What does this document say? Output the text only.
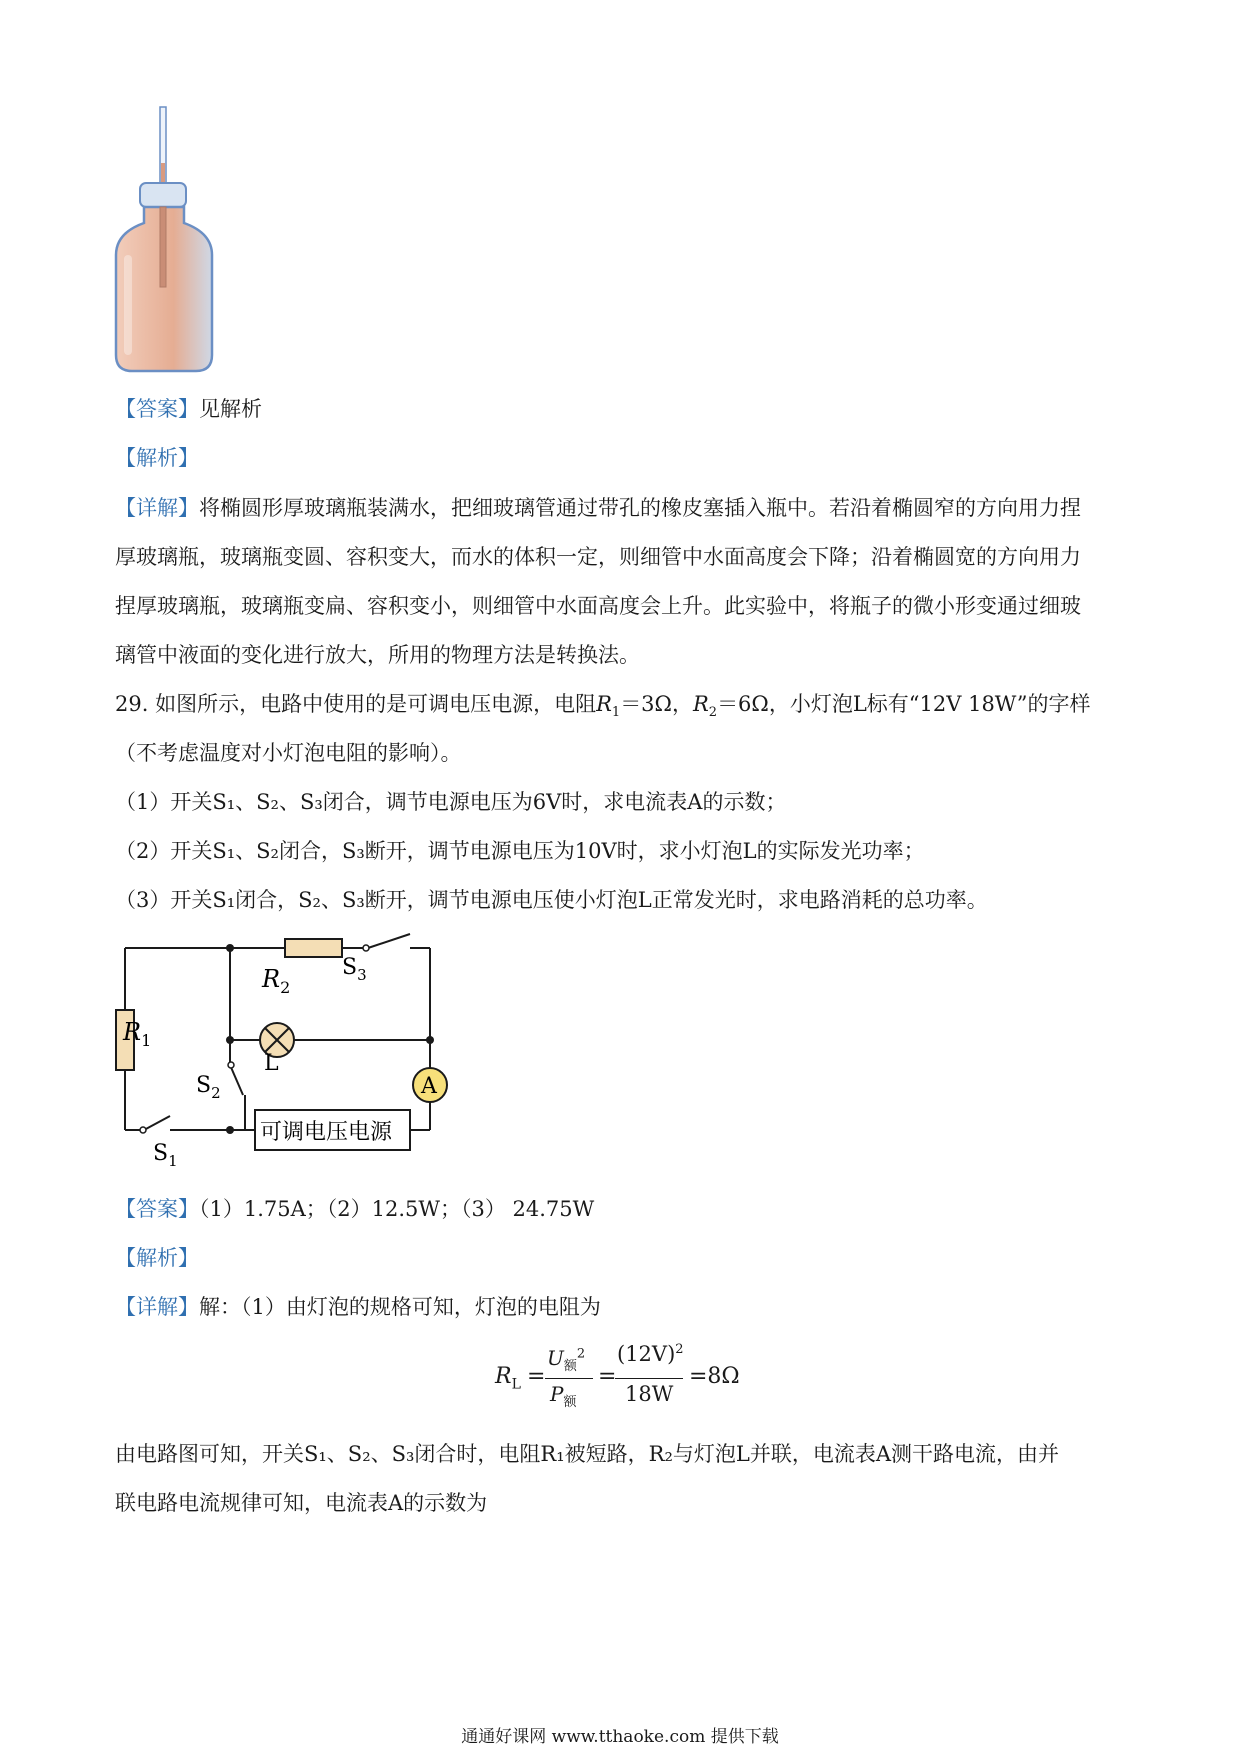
【答案】见解析
【解析】
【详解】将椭圆形厚玻璃瓶装满水，把细玻璃管通过带孔的橡皮塞插入瓶中。若沿着椭圆窄的方向用力捏
厚玻璃瓶，玻璃瓶变圆、容积变大，而水的体积一定，则细管中水面高度会下降；沿着椭圆宽的方向用力
捏厚玻璃瓶，玻璃瓶变扁、容积变小，则细管中水面高度会上升。此实验中，将瓶子的微小形变通过细玻
璃管中液面的变化进行放大，所用的物理方法是转换法。
29. 如图所示，电路中使用的是可调电压电源，电阻$R_1=3\Omega$，$R_2=6\Omega$，小灯泡L标有“12V 18W”的字样
（不考虑温度对小灯泡电阻的影响）。
（1）开关S₁、S₂、S₃闭合，调节电源电压为6V时，求电流表A的示数；
（2）开关S₁、S₂闭合，S₃断开，调节电源电压为10V时，求小灯泡L的实际发光功率；
（3）开关S₁闭合，S₂、S₃断开，调节电源电压使小灯泡L正常发光时，求电路消耗的总功率。
$R_2$
$S_3$
$R_1$
L
A
$S_2$
$S_1$
可调电压电源
【答案】（1）1.75A；（2）12.5W；（3） 24.75W
【解析】
【详解】解：（1）由灯泡的规格可知，灯泡的电阻为
$R_L$ =
$U_额^2$
$P_额$
=
$(12V)^2$
18W
=8Ω
由电路图可知，开关S₁、S₂、S₃闭合时，电阻R₁被短路，R₂与灯泡L并联，电流表A测干路电流，由并
联电路电流规律可知，电流表A的示数为
通通好课网 www.tthaoke.com 提供下载
